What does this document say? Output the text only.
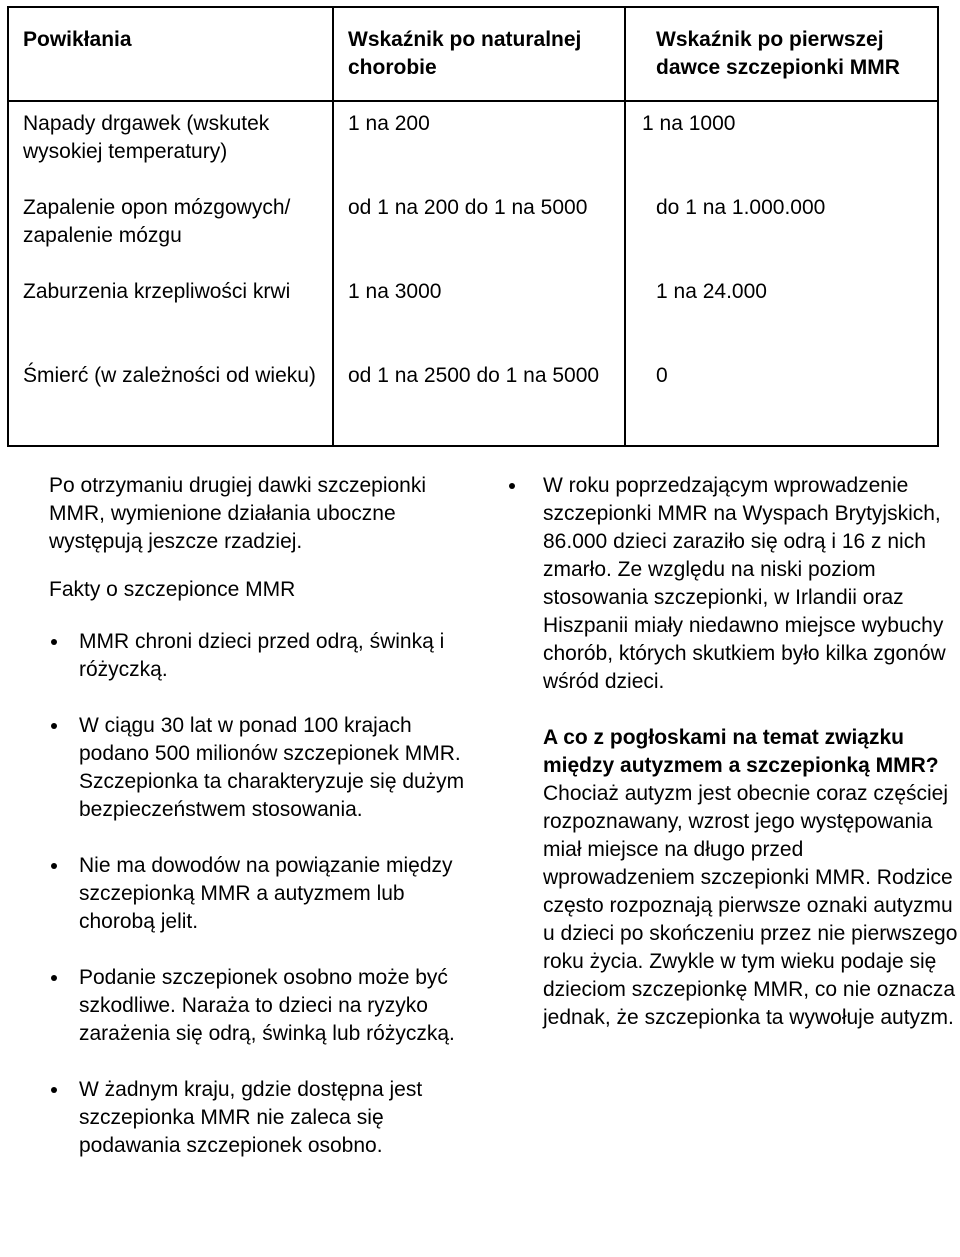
Powikłania	Wskaźnik po naturalnej chorobie	Wskaźnik po pierwszej dawce szczepionki MMR

Napady drgawek (wskutek wysokiej temperatury)	1 na 200	1 na 1000

Zapalenie opon mózgowych/ zapalenie mózgu	od 1 na 200 do 1 na 5000	do 1 na 1.000.000

Zaburzenia krzepliwości krwi	1 na 3000	1 na 24.000

Śmierć (w zależności od wieku)	od 1 na 2500 do 1 na 5000	0

Po otrzymaniu drugiej dawki szczepionki MMR, wymienione działania uboczne występują jeszcze rzadziej.

Fakty o szczepionce MMR

MMR chroni dzieci przed odrą, świnką i różyczką.
W ciągu 30 lat w ponad 100 krajach podano 500 milionów szczepionek MMR. Szczepionka ta charakteryzuje się dużym bezpieczeństwem stosowania.
Nie ma dowodów na powiązanie między szczepionką MMR a autyzmem lub chorobą jelit.
Podanie szczepionek osobno może być szkodliwe. Naraża to dzieci na ryzyko zarażenia się odrą, świnką lub różyczką.
W żadnym kraju, gdzie dostępna jest szczepionka MMR nie zaleca się podawania szczepionek osobno.
W roku poprzedzającym wprowadzenie szczepionki MMR na Wyspach Brytyjskich, 86.000 dzieci zaraziło się odrą i 16 z nich zmarło. Ze względu na niski poziom stosowania szczepionki, w Irlandii oraz Hiszpanii miały niedawno miejsce wybuchy chorób, których skutkiem było kilka zgonów wśród dzieci.

A co z pogłoskami na temat związku między autyzmem a szczepionką MMR?

Chociaż autyzm jest obecnie coraz częściej rozpoznawany, wzrost jego występowania miał miejsce na długo przed wprowadzeniem szczepionki MMR. Rodzice często rozpoznają pierwsze oznaki autyzmu u dzieci po skończeniu przez nie pierwszego roku życia. Zwykle w tym wieku podaje się dzieciom szczepionkę MMR, co nie oznacza jednak, że szczepionka ta wywołuje autyzm.
